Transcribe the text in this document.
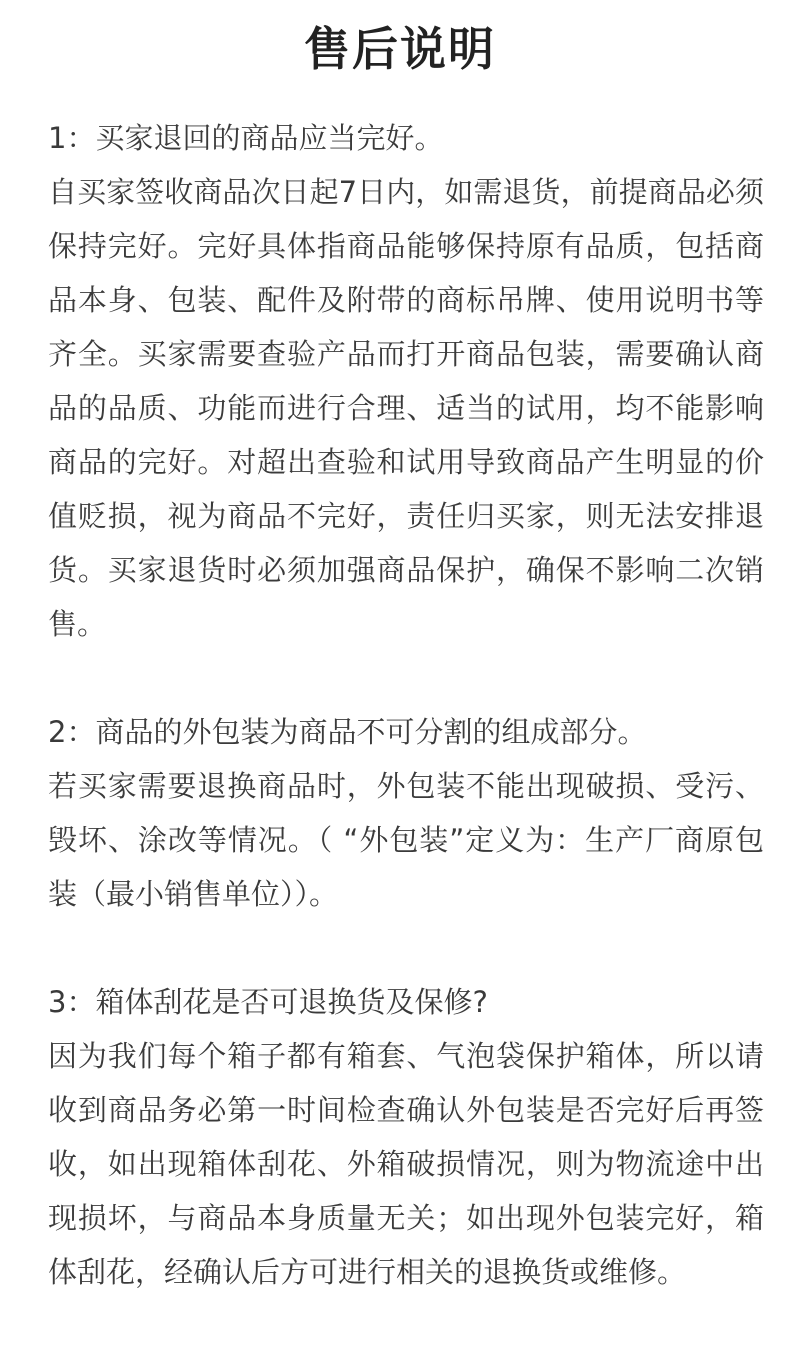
售后说明

1：买家退回的商品应当完好。

自买家签收商品次日起7日内，如需退货，前提商品必须保持完好。完好具体指商品能够保持原有品质，包括商品本身、包装、配件及附带的商标吊牌、使用说明书等齐全。买家需要查验产品而打开商品包装，需要确认商品的品质、功能而进行合理、适当的试用，均不能影响商品的完好。对超出查验和试用导致商品产生明显的价值贬损，视为商品不完好，责任归买家，则无法安排退货。买家退货时必须加强商品保护，确保不影响二次销售。

2：商品的外包装为商品不可分割的组成部分。

若买家需要退换商品时，外包装不能出现破损、受污、毁坏、涂改等情况。（ “外包装”定义为：生产厂商原包装（最小销售单位））。

3：箱体刮花是否可退换货及保修?

因为我们每个箱子都有箱套、气泡袋保护箱体，所以请收到商品务必第一时间检查确认外包装是否完好后再签收，如出现箱体刮花、外箱破损情况，则为物流途中出现损坏，与商品本身质量无关；如出现外包装完好，箱体刮花，经确认后方可进行相关的退换货或维修。
